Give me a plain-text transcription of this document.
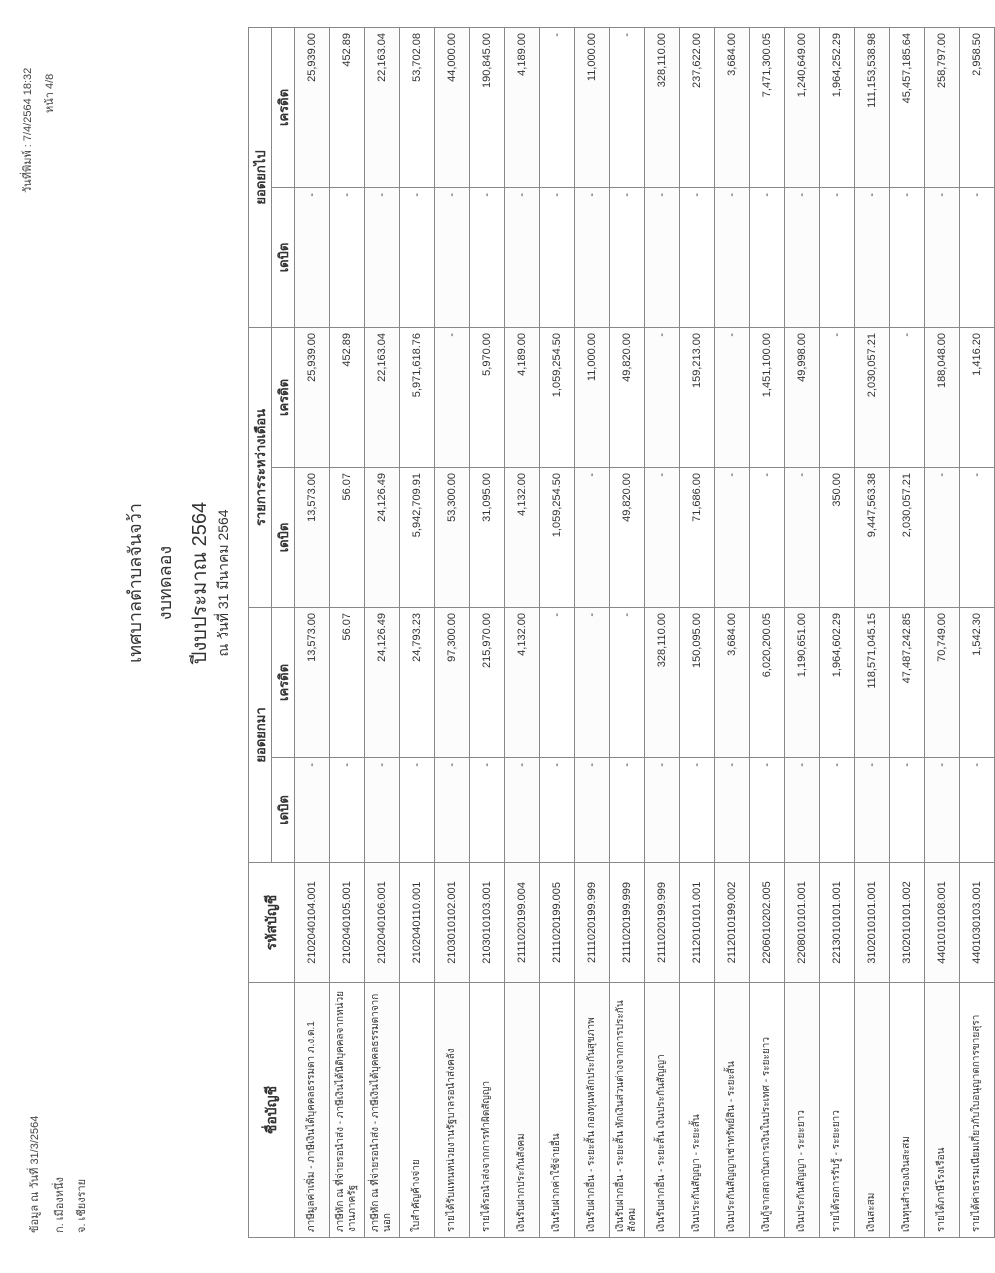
ข้อมูล ณ วันที่ 31/3/2564	ก. เมืองหนึ่ง จ. เชียงราย
วันที่พิมพ์ : 7/4/2564 18:32 หน้า 4/8
เทศบาลตำบลจันจว้า งบทดลอง ปีงบประมาณ 2564 ณ วันที่ 31 มีนาคม 2564
ชื่อบัญชี	รหัสบัญชี	ยอดยกมา		รายการระหว่างเดือน		ยอดยกไป	
		เดบิต	เครดิต	เดบิต	เครดิต	เดบิต	เครดิต
ภาษีมูลค่าเพิ่ม - ภาษีเงินได้บุคคลธรรมดา ภ.ง.ด.1	2102040104.001	-	13,573.00	13,573.00	25,939.00	-	25,939.00
ภาษีหัก ณ ที่จ่ายรอนำส่ง - ภาษีเงินได้นิติบุคคลจากหน่วยงานภาครัฐ	2102040105.001	-	56.07	56.07	452.89	-	452.89
ภาษีหัก ณ ที่จ่ายรอนำส่ง - ภาษีเงินได้บุคคลธรรมดาจากนอก	2102040106.001	-	24,126.49	24,126.49	22,163.04	-	22,163.04
ใบสำคัญค้างจ่าย	2102040110.001	-	24,793.23	5,942,709.91	5,971,618.76	-	53,702.08
รายได้รับแทนหน่วยงานรัฐบาลรอนำส่งคลัง	2103010102.001	-	97,300.00	53,300.00	-	-	44,000.00
รายได้รอนำส่งจากการทำผิดสัญญา	2103010103.001	-	215,970.00	31,095.00	5,970.00	-	190,845.00
เงินรับฝากประกันสังคม	2111020199.004	-	4,132.00	4,132.00	4,189.00	-	4,189.00
เงินรับฝากค่าใช้จ่ายอื่น	2111020199.005	-	-	1,059,254.50	1,059,254.50	-	-
เงินรับฝากอื่น - ระยะสั้น กองทุนหลักประกันสุขภาพ	2111020199.999	-	-	-	11,000.00	-	11,000.00
เงินรับฝากอื่น - ระยะสั้น หักเงินส่วนต่างจากการประกันสังคม	2111020199.999	-	-	49,820.00	49,820.00	-	-
เงินรับฝากอื่น - ระยะสั้น เงินประกันสัญญา	2111020199.999	-	328,110.00	-	-	-	328,110.00
เงินประกันสัญญา - ระยะสั้น	2112010101.001	-	150,095.00	71,686.00	159,213.00	-	237,622.00
เงินประกันสัญญาเช่าทรัพย์สิน - ระยะสั้น	2112010199.002	-	3,684.00	-	-	-	3,684.00
เงินกู้จากสถาบันการเงินในประเทศ - ระยะยาว	2206010202.005	-	6,020,200.05	-	1,451,100.00	-	7,471,300.05
เงินประกันสัญญา - ระยะยาว	2208010101.001	-	1,190,651.00	-	49,998.00	-	1,240,649.00
รายได้รอการรับรู้ - ระยะยาว	2213010101.001	-	1,964,602.29	350.00	-	-	1,964,252.29
เงินสะสม	3102010101.001	-	118,571,045.15	9,447,563.38	2,030,057.21	-	111,153,538.98
เงินทุนสำรองเงินสะสม	3102010101.002	-	47,487,242.85	2,030,057.21	-	-	45,457,185.64
รายได้ภาษีโรงเรือน	4401010108.001	-	70,749.00	-	188,048.00	-	258,797.00
รายได้ค่าธรรมเนียมเกี่ยวกับใบอนุญาตการขายสุรา	4401030103.001	-	1,542.30	-	1,416.20	-	2,958.50
